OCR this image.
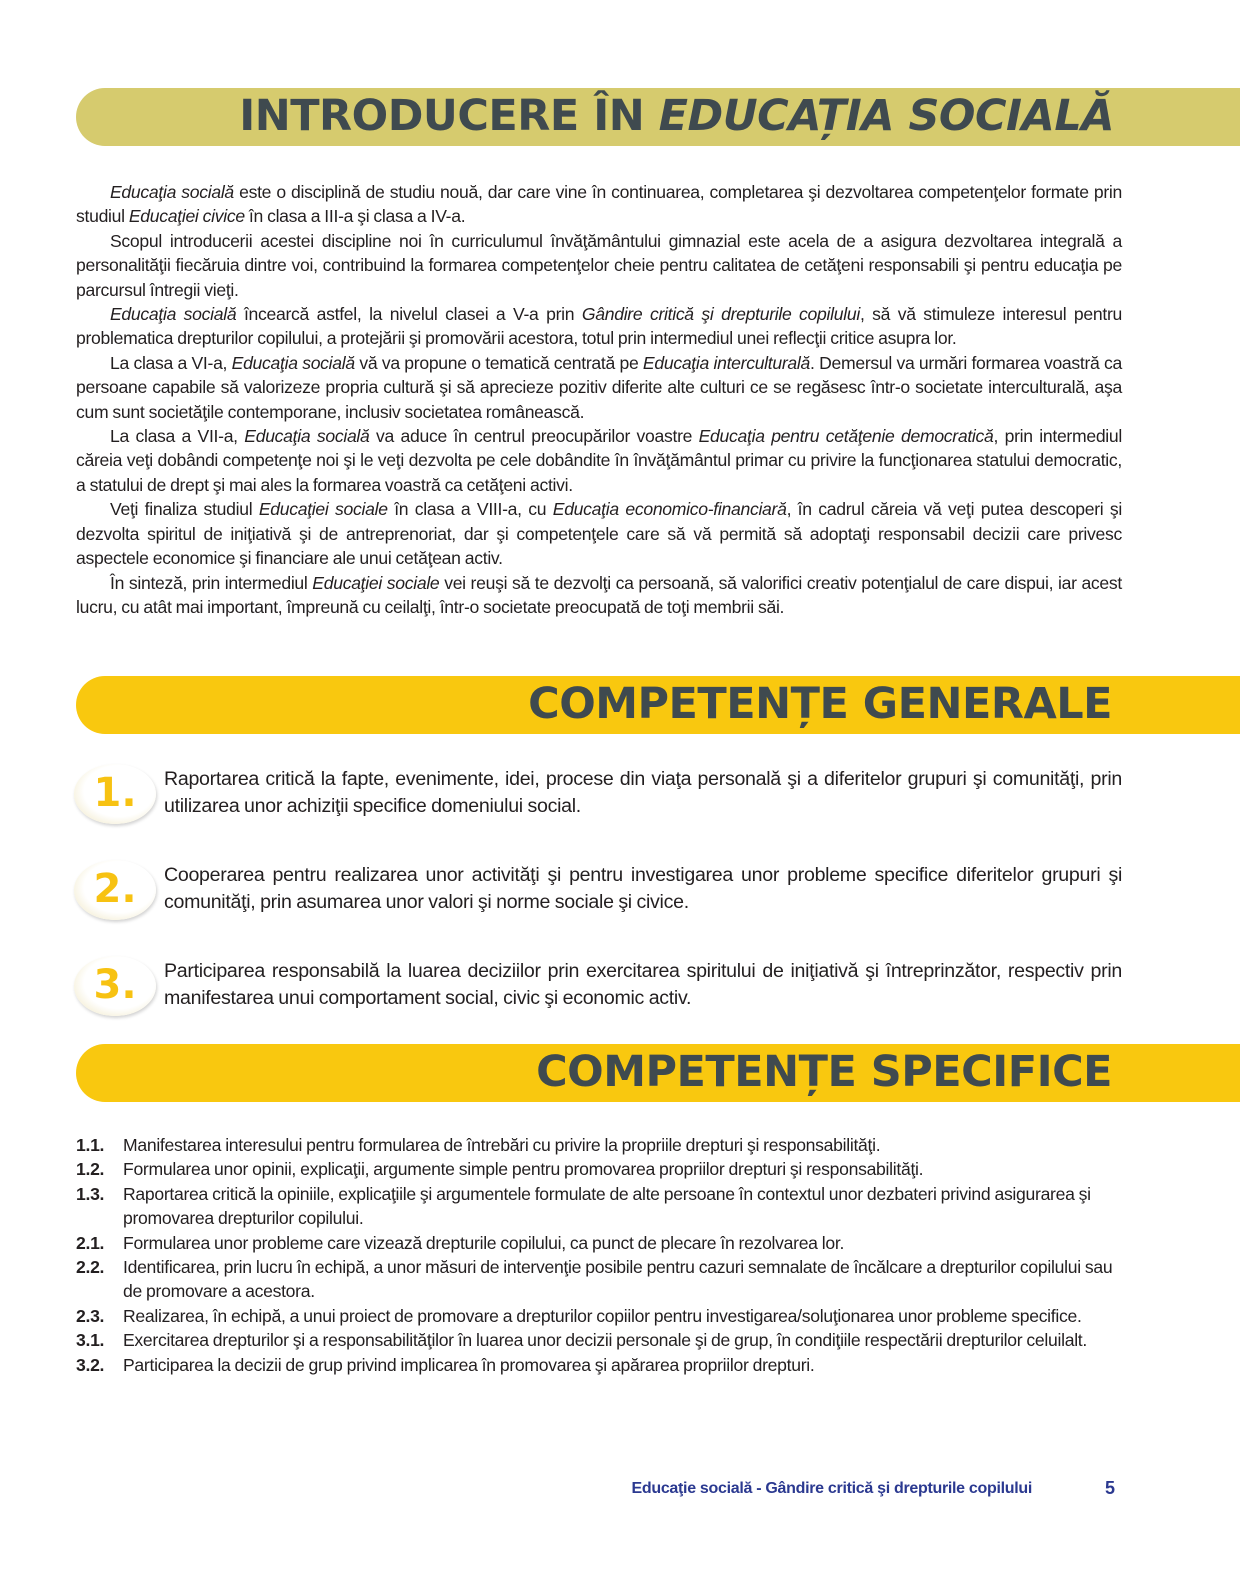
INTRODUCERE ÎN EDUCAȚIA SOCIALĂ

Educaţia socială este o disciplină de studiu nouă, dar care vine în continuarea, completarea şi dezvoltarea competenţelor formate prin studiul Educaţiei civice în clasa a III-a şi clasa a IV-a.

Scopul introducerii acestei discipline noi în curriculumul învăţământului gimnazial este acela de a asigura dezvoltarea integrală a personalităţii fiecăruia dintre voi, contribuind la formarea competenţelor cheie pentru calitatea de cetăţeni responsabili şi pentru educaţia pe parcursul întregii vieţi.

Educaţia socială încearcă astfel, la nivelul clasei a V-a prin Gândire critică şi drepturile copilului, să vă stimuleze interesul pentru problematica drepturilor copilului, a protejării şi promovării acestora, totul prin intermediul unei reflecţii critice asupra lor.

La clasa a VI-a, Educaţia socială vă va propune o tematică centrată pe Educaţia interculturală. Demersul va urmări formarea voastră ca persoane capabile să valorizeze propria cultură şi să aprecieze pozitiv diferite alte culturi ce se regăsesc într-o societate interculturală, aşa cum sunt societăţile contemporane, inclusiv societatea românească.

La clasa a VII-a, Educaţia socială va aduce în centrul preocupărilor voastre Educaţia pentru cetăţenie democratică, prin intermediul căreia veţi dobândi competenţe noi şi le veţi dezvolta pe cele dobândite în învăţământul primar cu privire la funcţionarea statului democratic, a statului de drept şi mai ales la formarea voastră ca cetăţeni activi.

Veţi finaliza studiul Educaţiei sociale în clasa a VIII-a, cu Educaţia economico-financiară, în cadrul căreia vă veţi putea descoperi şi dezvolta spiritul de iniţiativă şi de antreprenoriat, dar şi competenţele care să vă permită să adoptaţi responsabil decizii care privesc aspectele economice şi financiare ale unui cetăţean activ.

În sinteză, prin intermediul Educaţiei sociale vei reuşi să te dezvolţi ca persoană, să valorifici creativ potenţialul de care dispui, iar acest lucru, cu atât mai important, împreună cu ceilalţi, într-o societate preocupată de toţi membrii săi.

COMPETENȚE GENERALE
1.	Raportarea critică la fapte, evenimente, idei, procese din viaţa personală şi a diferitelor grupuri şi comunităţi, prin utilizarea unor achiziţii specifice domeniului social.
2.	Cooperarea pentru realizarea unor activităţi şi pentru investigarea unor probleme specifice diferitelor grupuri şi comunităţi, prin asumarea unor valori şi norme sociale şi civice.
3.	Participarea responsabilă la luarea deciziilor prin exercitarea spiritului de iniţiativă şi întreprinzător, respectiv prin manifestarea unui comportament social, civic şi economic activ.
COMPETENȚE SPECIFICE
1.1.	Manifestarea interesului pentru formularea de întrebări cu privire la propriile drepturi şi responsabilităţi.
1.2.	Formularea unor opinii, explicaţii, argumente simple pentru promovarea propriilor drepturi şi responsabilităţi.
1.3.	Raportarea critică la opiniile, explicaţiile şi argumentele formulate de alte persoane în contextul unor dezbateri privind asigurarea şi promovarea drepturilor copilului.
2.1.	Formularea unor probleme care vizează drepturile copilului, ca punct de plecare în rezolvarea lor.
2.2.	Identificarea, prin lucru în echipă, a unor măsuri de intervenţie posibile pentru cazuri semnalate de încălcare a drepturilor copilului sau de promovare a acestora.
2.3.	Realizarea, în echipă, a unui proiect de promovare a drepturilor copiilor pentru investigarea/soluţionarea unor probleme specifice.
3.1.	Exercitarea drepturilor şi a responsabilităţilor în luarea unor decizii personale şi de grup, în condiţiile respectării drepturilor celuilalt.
3.2.	Participarea la decizii de grup privind implicarea în promovarea şi apărarea propriilor drepturi.
Educaţie socială - Gândire critică şi drepturile copilului	5
